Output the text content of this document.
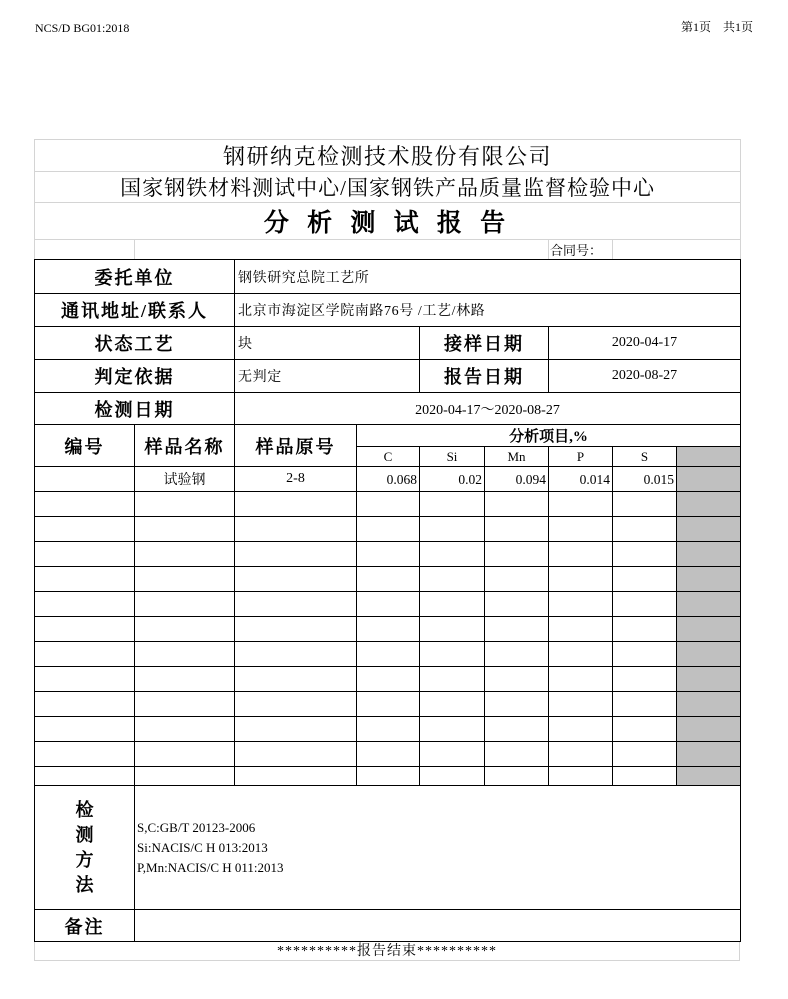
NCS/D BG01:2018	第1页　共1页
钢研纳克检测技术股份有限公司
国家钢铁材料测试中心/国家钢铁产品质量监督检验中心
分 析 测 试 报 告
		合同号：	
委托单位		钢铁研究总院工艺所						
通讯地址/联系人		北京市海淀区学院南路76号 /工艺/林路						
状态工艺		块		接样日期		2020-04-17		
判定依据		无判定		报告日期		2020-08-27		
检测日期		2020-04-17～2020-08-27						
编号	样品名称	样品原号	分析项目,%					
			C	Si	Mn	P	S	
	试验钢	2-8	0.068	0.02	0.094	0.014	0.015	

检测方法	S,C:GB/T 20123-2006
Si:NACIS/C H 013:2013
P,Mn:NACIS/C H 011:2013							

备注								
**********报告结束**********
